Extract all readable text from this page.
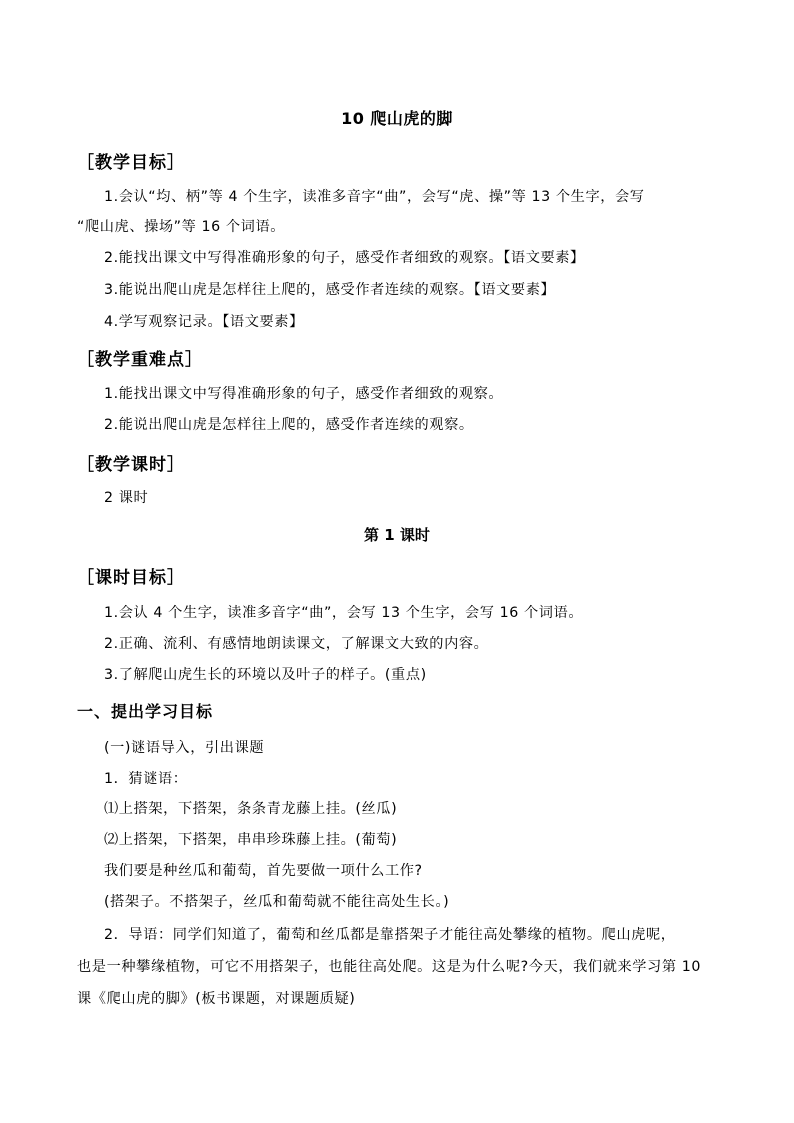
10 爬山虎的脚
［教学目标］
1.会认“均、柄”等 4 个生字，读准多音字“曲”，会写“虎、操”等 13 个生字，会写
“爬山虎、操场”等 16 个词语。
2.能找出课文中写得准确形象的句子，感受作者细致的观察。【语文要素】
3.能说出爬山虎是怎样往上爬的，感受作者连续的观察。【语文要素】
4.学写观察记录。【语文要素】
［教学重难点］
1.能找出课文中写得准确形象的句子，感受作者细致的观察。
2.能说出爬山虎是怎样往上爬的，感受作者连续的观察。
［教学课时］
2 课时
第 1 课时
［课时目标］
1.会认 4 个生字，读准多音字“曲”，会写 13 个生字，会写 16 个词语。
2.正确、流利、有感情地朗读课文，了解课文大致的内容。
3.了解爬山虎生长的环境以及叶子的样子。(重点)
一、提出学习目标
(一)谜语导入，引出课题
1．猜谜语：
⑴上搭架，下搭架，条条青龙藤上挂。(丝瓜)
⑵上搭架，下搭架，串串珍珠藤上挂。(葡萄)
我们要是种丝瓜和葡萄，首先要做一项什么工作?
(搭架子。不搭架子，丝瓜和葡萄就不能往高处生长。)
2．导语：同学们知道了，葡萄和丝瓜都是靠搭架子才能往高处攀缘的植物。爬山虎呢，
也是一种攀缘植物，可它不用搭架子，也能往高处爬。这是为什么呢?今天，我们就来学习第 10
课《爬山虎的脚》(板书课题，对课题质疑)
